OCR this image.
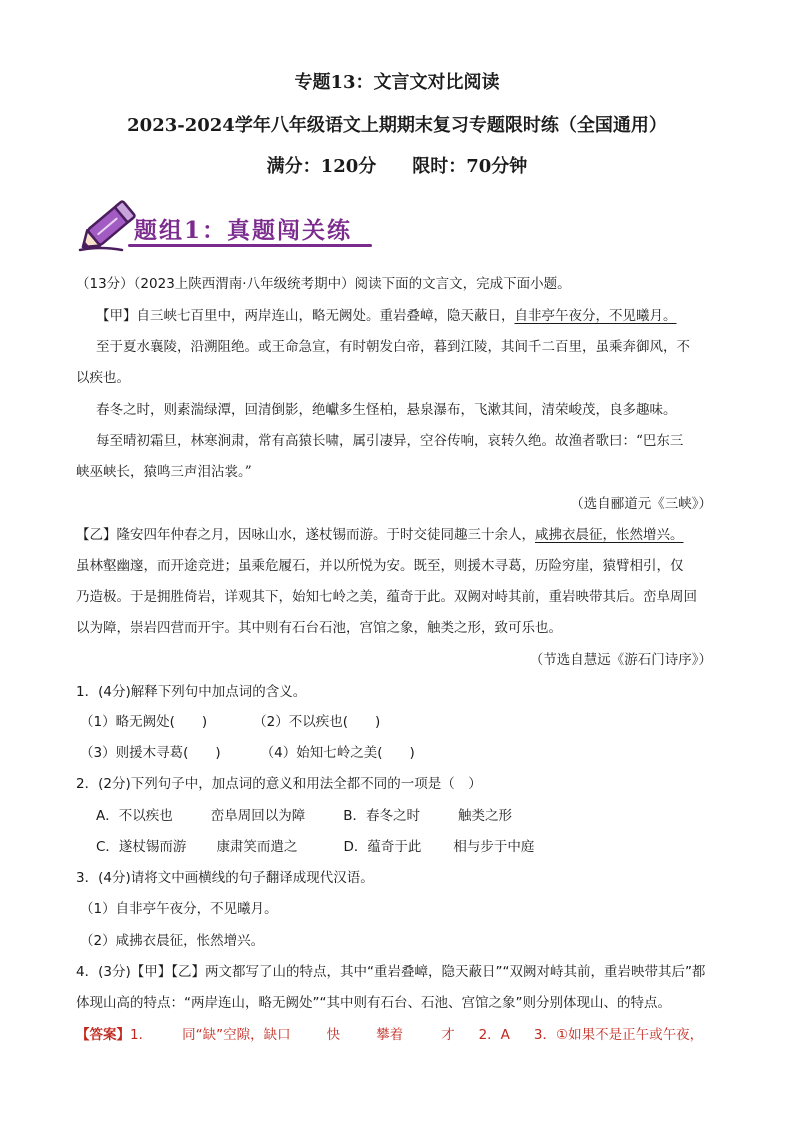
专题13：文言文对比阅读
2023-2024学年八年级语文上期期末复习专题限时练（全国通用）
满分：120分 限时：70分钟
题组1：真题闯关练
（13分）（2023上陕西渭南·八年级统考期中）阅读下面的文言文，完成下面小题。
【甲】自三峡七百里中，两岸连山，略无阙处。重岩叠嶂，隐天蔽日，自非亭午夜分，不见曦月。
至于夏水襄陵，沿溯阻绝。或王命急宣，有时朝发白帝，暮到江陵，其间千二百里，虽乘奔御风，不
以疾也。
春冬之时，则素湍绿潭，回清倒影，绝巘多生怪柏，悬泉瀑布，飞漱其间，清荣峻茂，良多趣味。
每至晴初霜旦，林寒涧肃，常有高猿长啸，属引凄异，空谷传响，哀转久绝。故渔者歌曰：“巴东三
峡巫峡长，猿鸣三声泪沾裳。”
（选自郦道元《三峡》）
【乙】隆安四年仲春之月，因咏山水，遂杖锡而游。于时交徒同趣三十余人，咸拂衣晨征，怅然增兴。
虽林壑幽邃，而开途竞进；虽乘危履石，并以所悦为安。既至，则援木寻葛，历险穷崖，猿臂相引，仅
乃造极。于是拥胜倚岩，详观其下，始知七岭之美，蕴奇于此。双阙对峙其前，重岩映带其后。峦阜周回
以为障，崇岩四营而开宇。其中则有石台石池，宫馆之象，触类之形，致可乐也。
（节选自慧远《游石门诗序》）
1．(4分)解释下列句中加点词的含义。
（1）略无阙处(　　)	（2）不以疾也(　　)
（3）则援木寻葛(　　)	（4）始知七岭之美(　　)
2．(2分)下列句子中，加点词的意义和用法全都不同的一项是（　）
A．不以疾也	峦阜周回以为障	B．春冬之时	触类之形
C．遂杖锡而游 康肃笑而遣之	D．蕴奇于此 相与步于中庭
3．(4分)请将文中画横线的句子翻译成现代汉语。
（1）自非亭午夜分，不见曦月。
（2）咸拂衣晨征，怅然增兴。
4．(3分)【甲】【乙】两文都写了山的特点，其中“重岩叠嶂，隐天蔽日”“双阙对峙其前，重岩映带其后”都
体现山高的特点：“两岸连山，略无阙处”“其中则有石台、石池、宫馆之象”则分别体现山、的特点。
【答案】1． 同“缺”空隙，缺口	快	攀着	才 2．A 3．①如果不是正午或午夜，
